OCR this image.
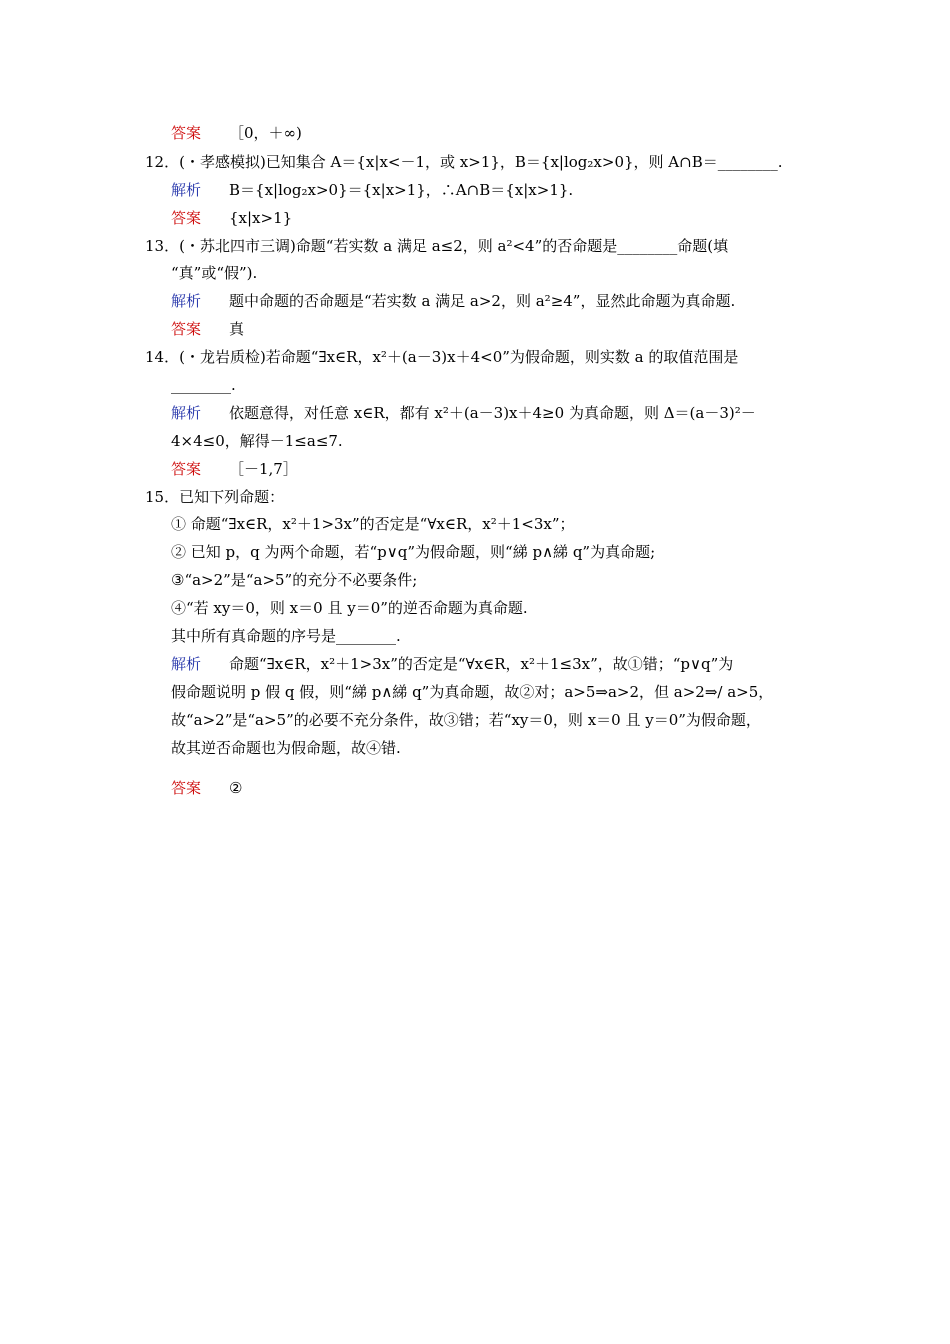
答案 ［0，＋∞)
12．(・孝感模拟)已知集合 A＝{x|x<－1，或 x>1}，B＝{x|log₂x>0}，则 A∩B＝________.
解析 B＝{x|log₂x>0}＝{x|x>1}，∴A∩B＝{x|x>1}.
答案 {x|x>1}
13．(・苏北四市三调)命题“若实数 a 满足 a≤2，则 a²<4”的否命题是________命题(填
“真”或“假”).
解析 题中命题的否命题是“若实数 a 满足 a>2，则 a²≥4”，显然此命题为真命题.
答案 真
14．(・龙岩质检)若命题“∃x∈R，x²＋(a－3)x＋4<0”为假命题，则实数 a 的取值范围是
________.
解析 依题意得，对任意 x∈R，都有 x²＋(a－3)x＋4≥0 为真命题，则 Δ＝(a－3)²－
4×4≤0，解得－1≤a≤7.
答案 ［－1,7］
15．已知下列命题：
① 命题“∃x∈R，x²＋1>3x”的否定是“∀x∈R，x²＋1<3x”；
② 已知 p，q 为两个命题，若“p∨q”为假命题，则“綈 p∧綈 q”为真命题;
③“a>2”是“a>5”的充分不必要条件;
④“若 xy＝0，则 x＝0 且 y＝0”的逆否命题为真命题.
其中所有真命题的序号是________.
解析 命题“∃x∈R，x²＋1>3x”的否定是“∀x∈R，x²＋1≤3x”，故①错；“p∨q”为
假命题说明 p 假 q 假，则“綈 p∧綈 q”为真命题，故②对；a>5⇒a>2，但 a>2⇒/ a>5，
故“a>2”是“a>5”的必要不充分条件，故③错；若“xy＝0，则 x＝0 且 y＝0”为假命题，
故其逆否命题也为假命题，故④错.
答案 ②
